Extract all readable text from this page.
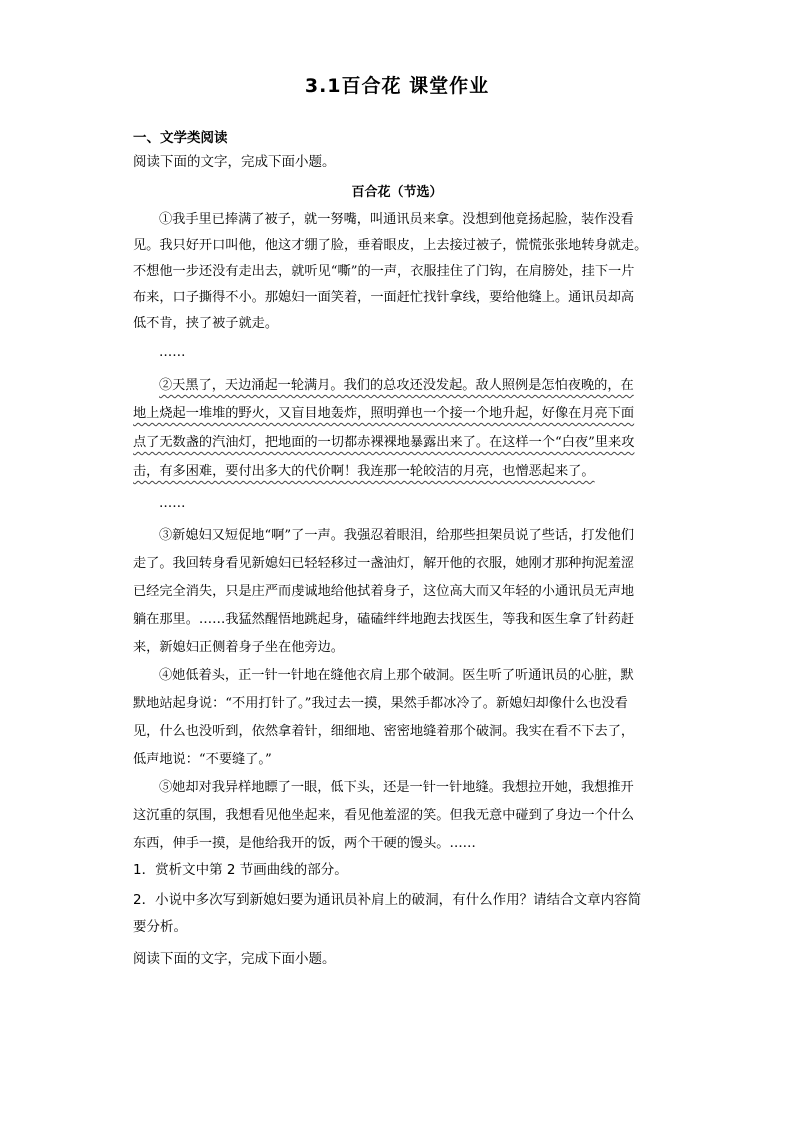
3.1百合花 课堂作业
一、文学类阅读
阅读下面的文字，完成下面小题。
百合花（节选）
①我手里已捧满了被子，就一努嘴，叫通讯员来拿。没想到他竟扬起脸，装作没看
见。我只好开口叫他，他这才绷了脸，垂着眼皮，上去接过被子，慌慌张张地转身就走。
不想他一步还没有走出去，就听见“嘶”的一声，衣服挂住了门钩，在肩膀处，挂下一片
布来，口子撕得不小。那媳妇一面笑着，一面赶忙找针拿线，要给他缝上。通讯员却高
低不肯，挟了被子就走。
……
②天黑了，天边涌起一轮满月。我们的总攻还没发起。敌人照例是怎怕夜晚的，在
地上烧起一堆堆的野火，又盲目地轰炸，照明弹也一个接一个地升起，好像在月亮下面
点了无数盏的汽油灯，把地面的一切都赤裸裸地暴露出来了。在这样一个“白夜”里来攻
击，有多困难，要付出多大的代价啊！我连那一轮皎洁的月亮，也憎恶起来了。
……
③新媳妇又短促地“啊”了一声。我强忍着眼泪，给那些担架员说了些话，打发他们
走了。我回转身看见新媳妇已轻轻移过一盏油灯，解开他的衣服，她刚才那种拘泥羞涩
已经完全消失，只是庄严而虔诚地给他拭着身子，这位高大而又年轻的小通讯员无声地
躺在那里。……我猛然醒悟地跳起身，磕磕绊绊地跑去找医生，等我和医生拿了针药赶
来，新媳妇正侧着身子坐在他旁边。
④她低着头，正一针一针地在缝他衣肩上那个破洞。医生听了听通讯员的心脏，默
默地站起身说：“不用打针了。”我过去一摸，果然手都冰冷了。新媳妇却像什么也没看
见，什么也没听到，依然拿着针，细细地、密密地缝着那个破洞。我实在看不下去了，
低声地说：“不要缝了。”
⑤她却对我异样地瞟了一眼，低下头，还是一针一针地缝。我想拉开她，我想推开
这沉重的氛围，我想看见他坐起来，看见他羞涩的笑。但我无意中碰到了身边一个什么
东西，伸手一摸，是他给我开的饭，两个干硬的馒头。……
1．赏析文中第 2 节画曲线的部分。
2．小说中多次写到新媳妇要为通讯员补肩上的破洞，有什么作用？请结合文章内容简
要分析。
阅读下面的文字，完成下面小题。
